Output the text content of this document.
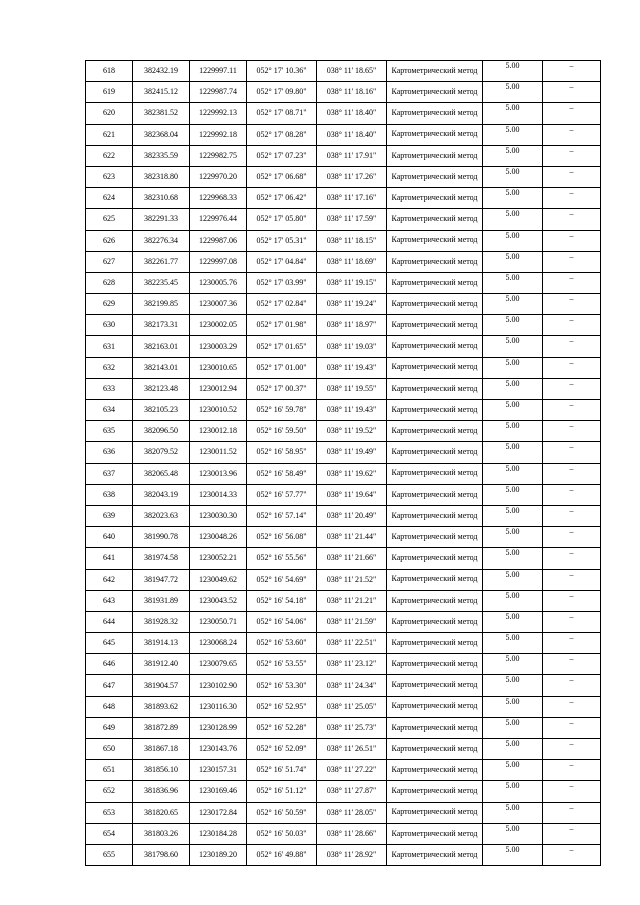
618	382432.19	1229997.11	052° 17' 10.36"	038° 11' 18.65"	Картометрический метод	5.00	–
619	382415.12	1229987.74	052° 17' 09.80"	038° 11' 18.16"	Картометрический метод	5.00	–
620	382381.52	1229992.13	052° 17' 08.71"	038° 11' 18.40"	Картометрический метод	5.00	–
621	382368.04	1229992.18	052° 17' 08.28"	038° 11' 18.40"	Картометрический метод	5.00	–
622	382335.59	1229982.75	052° 17' 07.23"	038° 11' 17.91"	Картометрический метод	5.00	–
623	382318.80	1229970.20	052° 17' 06.68"	038° 11' 17.26"	Картометрический метод	5.00	–
624	382310.68	1229968.33	052° 17' 06.42"	038° 11' 17.16"	Картометрический метод	5.00	–
625	382291.33	1229976.44	052° 17' 05.80"	038° 11' 17.59"	Картометрический метод	5.00	–
626	382276.34	1229987.06	052° 17' 05.31"	038° 11' 18.15"	Картометрический метод	5.00	–
627	382261.77	1229997.08	052° 17' 04.84"	038° 11' 18.69"	Картометрический метод	5.00	–
628	382235.45	1230005.76	052° 17' 03.99"	038° 11' 19.15"	Картометрический метод	5.00	–
629	382199.85	1230007.36	052° 17' 02.84"	038° 11' 19.24"	Картометрический метод	5.00	–
630	382173.31	1230002.05	052° 17' 01.98"	038° 11' 18.97"	Картометрический метод	5.00	–
631	382163.01	1230003.29	052° 17' 01.65"	038° 11' 19.03"	Картометрический метод	5.00	–
632	382143.01	1230010.65	052° 17' 01.00"	038° 11' 19.43"	Картометрический метод	5.00	–
633	382123.48	1230012.94	052° 17' 00.37"	038° 11' 19.55"	Картометрический метод	5.00	–
634	382105.23	1230010.52	052° 16' 59.78"	038° 11' 19.43"	Картометрический метод	5.00	–
635	382096.50	1230012.18	052° 16' 59.50"	038° 11' 19.52"	Картометрический метод	5.00	–
636	382079.52	1230011.52	052° 16' 58.95"	038° 11' 19.49"	Картометрический метод	5.00	–
637	382065.48	1230013.96	052° 16' 58.49"	038° 11' 19.62"	Картометрический метод	5.00	–
638	382043.19	1230014.33	052° 16' 57.77"	038° 11' 19.64"	Картометрический метод	5.00	–
639	382023.63	1230030.30	052° 16' 57.14"	038° 11' 20.49"	Картометрический метод	5.00	–
640	381990.78	1230048.26	052° 16' 56.08"	038° 11' 21.44"	Картометрический метод	5.00	–
641	381974.58	1230052.21	052° 16' 55.56"	038° 11' 21.66"	Картометрический метод	5.00	–
642	381947.72	1230049.62	052° 16' 54.69"	038° 11' 21.52"	Картометрический метод	5.00	–
643	381931.89	1230043.52	052° 16' 54.18"	038° 11' 21.21"	Картометрический метод	5.00	–
644	381928.32	1230050.71	052° 16' 54.06"	038° 11' 21.59"	Картометрический метод	5.00	–
645	381914.13	1230068.24	052° 16' 53.60"	038° 11' 22.51"	Картометрический метод	5.00	–
646	381912.40	1230079.65	052° 16' 53.55"	038° 11' 23.12"	Картометрический метод	5.00	–
647	381904.57	1230102.90	052° 16' 53.30"	038° 11' 24.34"	Картометрический метод	5.00	–
648	381893.62	1230116.30	052° 16' 52.95"	038° 11' 25.05"	Картометрический метод	5.00	–
649	381872.89	1230128.99	052° 16' 52.28"	038° 11' 25.73"	Картометрический метод	5.00	–
650	381867.18	1230143.76	052° 16' 52.09"	038° 11' 26.51"	Картометрический метод	5.00	–
651	381856.10	1230157.31	052° 16' 51.74"	038° 11' 27.22"	Картометрический метод	5.00	–
652	381836.96	1230169.46	052° 16' 51.12"	038° 11' 27.87"	Картометрический метод	5.00	–
653	381820.65	1230172.84	052° 16' 50.59"	038° 11' 28.05"	Картометрический метод	5.00	–
654	381803.26	1230184.28	052° 16' 50.03"	038° 11' 28.66"	Картометрический метод	5.00	–
655	381798.60	1230189.20	052° 16' 49.88"	038° 11' 28.92"	Картометрический метод	5.00	–
